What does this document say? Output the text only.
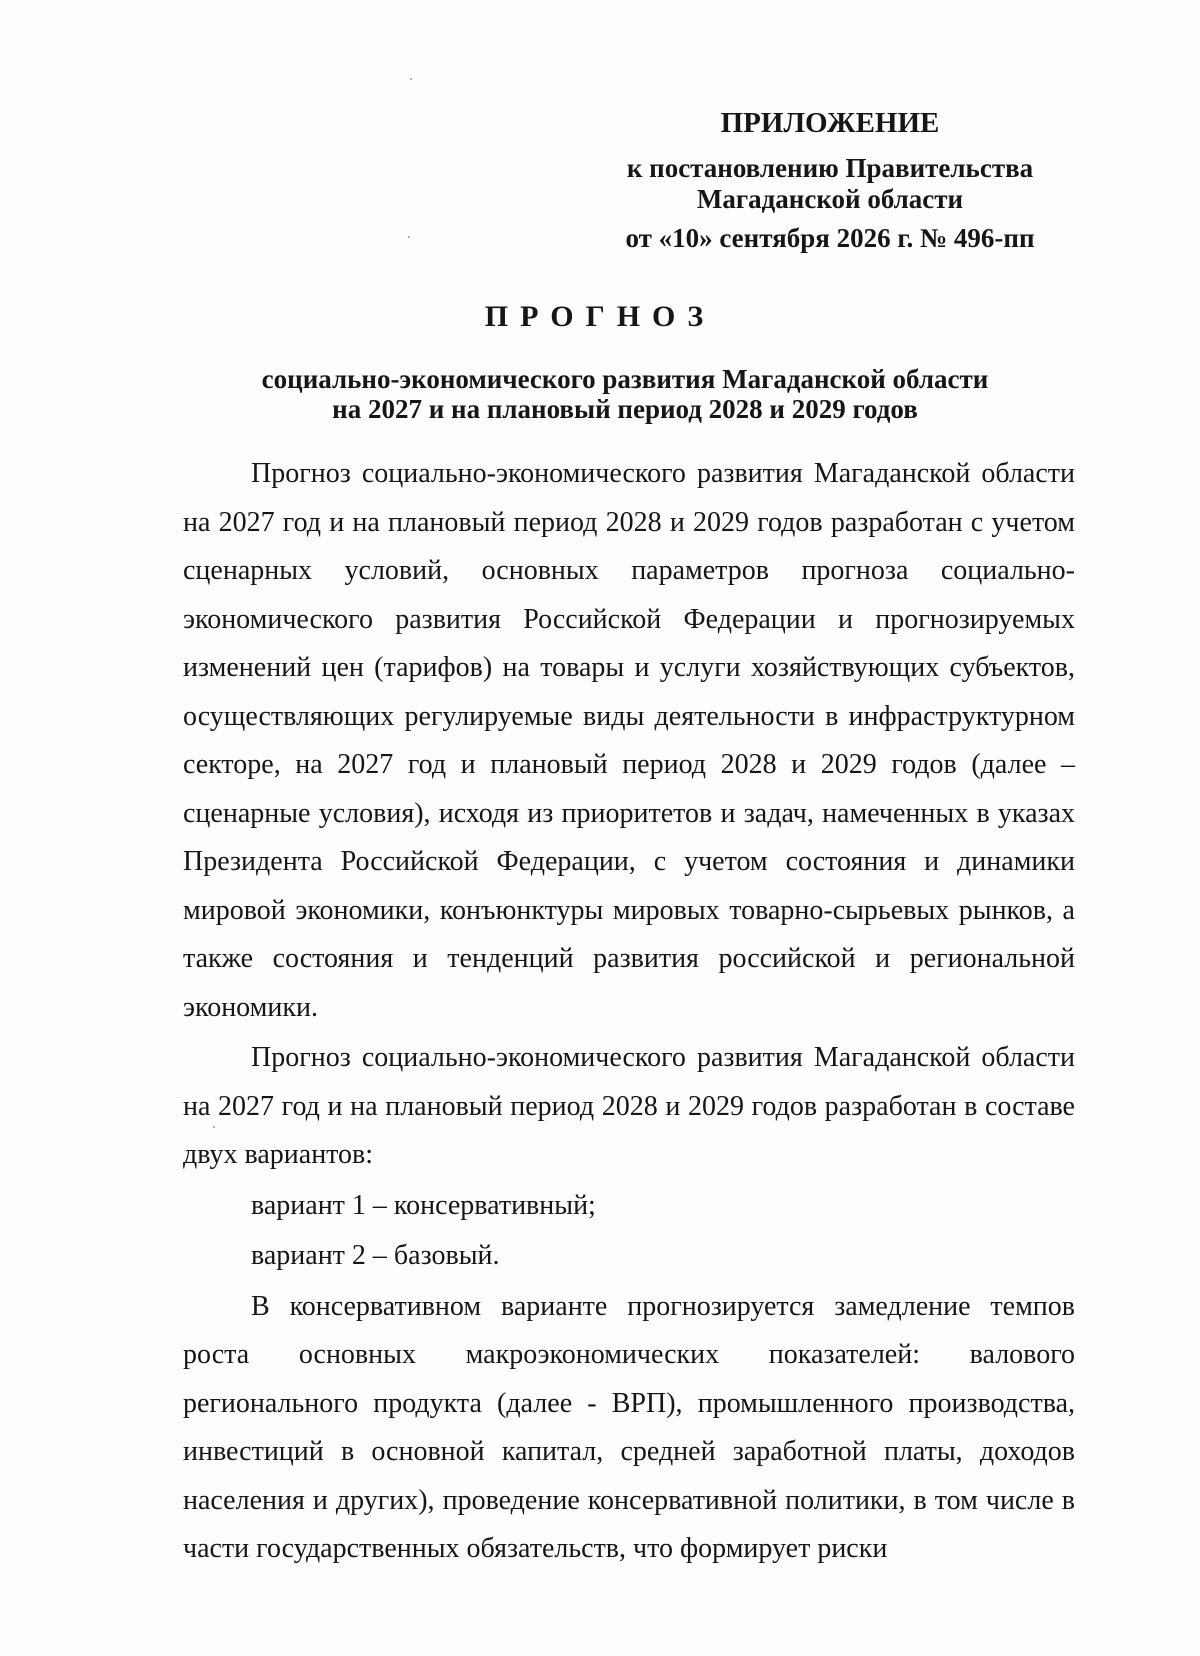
ПРИЛОЖЕНИЕ
к постановлению Правительства
Магаданской области
от «10» сентября 2026 г. № 496-пп
ПРОГНОЗ
социально-экономического развития Магаданской области
на 2027 и на плановый период 2028 и 2029 годов

Прогноз социально-экономического развития Магаданской области на 2027 год и на плановый период 2028 и 2029 годов разработан с учетом сценарных условий, основных параметров прогноза социально-экономического развития Российской Федерации и прогнозируемых изменений цен (тарифов) на товары и услуги хозяйствующих субъектов, осуществляющих регулируемые виды деятельности в инфраструктурном секторе, на 2027 год и плановый период 2028 и 2029 годов (далее – сценарные условия), исходя из приоритетов и задач, намеченных в указах Президента Российской Федерации, с учетом состояния и динамики мировой экономики, конъюнктуры мировых товарно-сырьевых рынков, а также состояния и тенденций развития российской и региональной экономики.

Прогноз социально-экономического развития Магаданской области на 2027 год и на плановый период 2028 и 2029 годов разработан в составе двух вариантов:

вариант 1 – консервативный;

вариант 2 – базовый.

В консервативном варианте прогнозируется замедление темпов роста основных макроэкономических показателей: валового регионального продукта (далее - ВРП), промышленного производства, инвестиций в основной капитал, средней заработной платы, доходов населения и других), проведение консервативной политики, в том числе в части государственных обязательств, что формирует риски
